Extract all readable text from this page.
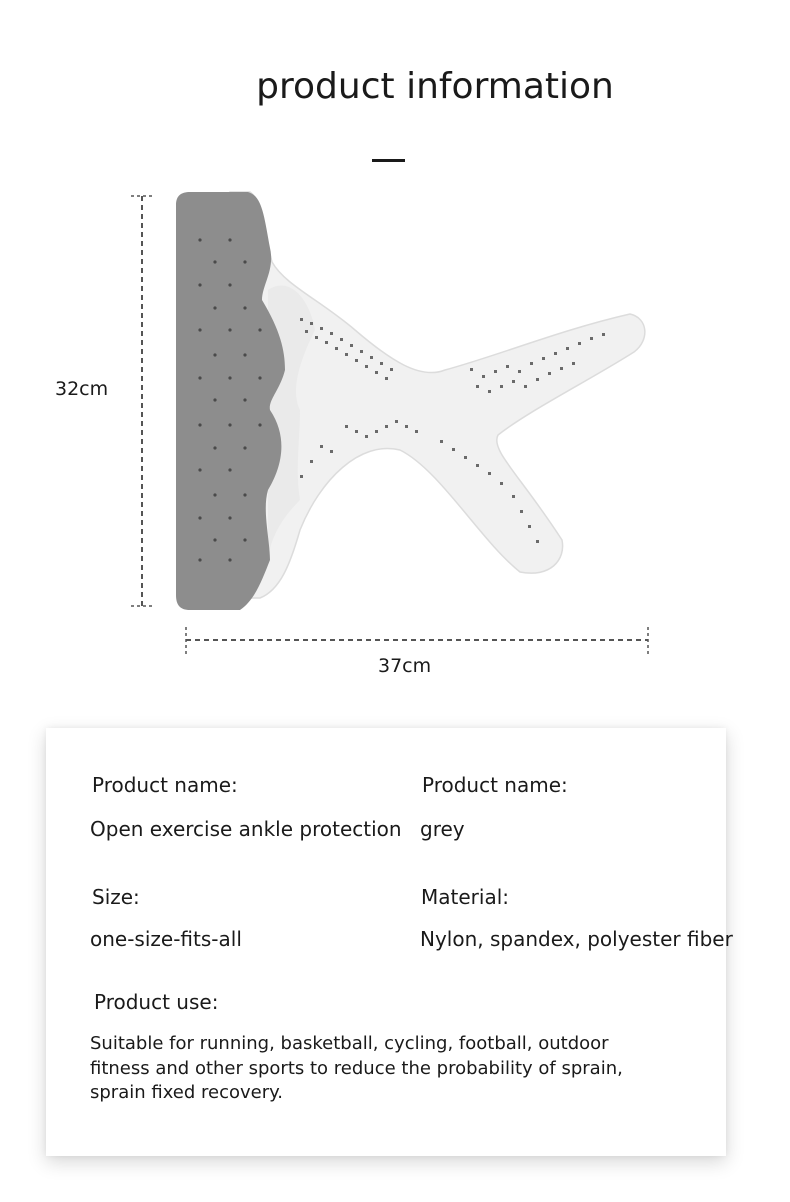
product information
32cm
37cm
Product name:
Open exercise ankle protection
Product name:
grey
Size:
one-size-fits-all
Material:
Nylon, spandex, polyester fiber
Product use:
Suitable for running, basketball, cycling, football, outdoor fitness and other sports to reduce the probability of sprain, sprain fixed recovery.
